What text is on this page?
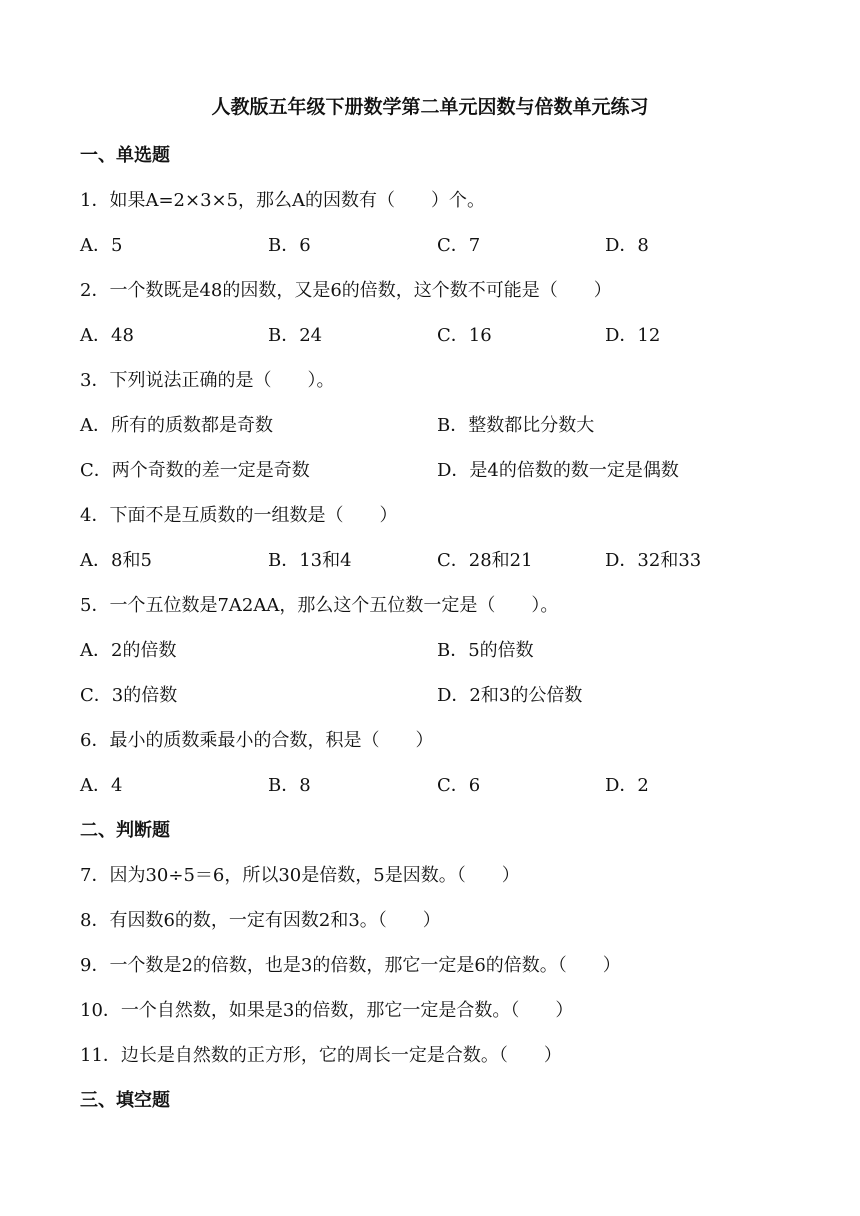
人教版五年级下册数学第二单元因数与倍数单元练习
一、单选题
1．如果A=2×3×5，那么A的因数有（　　）个。
A．5	B．6	C．7	D．8
2．一个数既是48的因数，又是6的倍数，这个数不可能是（　　）
A．48	B．24	C．16	D．12
3．下列说法正确的是（　　）。
A．所有的质数都是奇数	B．整数都比分数大
C．两个奇数的差一定是奇数	D．是4的倍数的数一定是偶数
4．下面不是互质数的一组数是（　　）
A．8和5	B．13和4	C．28和21	D．32和33
5．一个五位数是7A2AA，那么这个五位数一定是（　　）。
A．2的倍数	B．5的倍数
C．3的倍数	D．2和3的公倍数
6．最小的质数乘最小的合数，积是（　　）
A．4	B．8	C．6	D．2
二、判断题
7．因为30÷5＝6，所以30是倍数，5是因数。（　　）
8．有因数6的数，一定有因数2和3。（　　）
9．一个数是2的倍数，也是3的倍数，那它一定是6的倍数。（　　）
10．一个自然数，如果是3的倍数，那它一定是合数。（　　）
11．边长是自然数的正方形，它的周长一定是合数。（　　）
三、填空题
